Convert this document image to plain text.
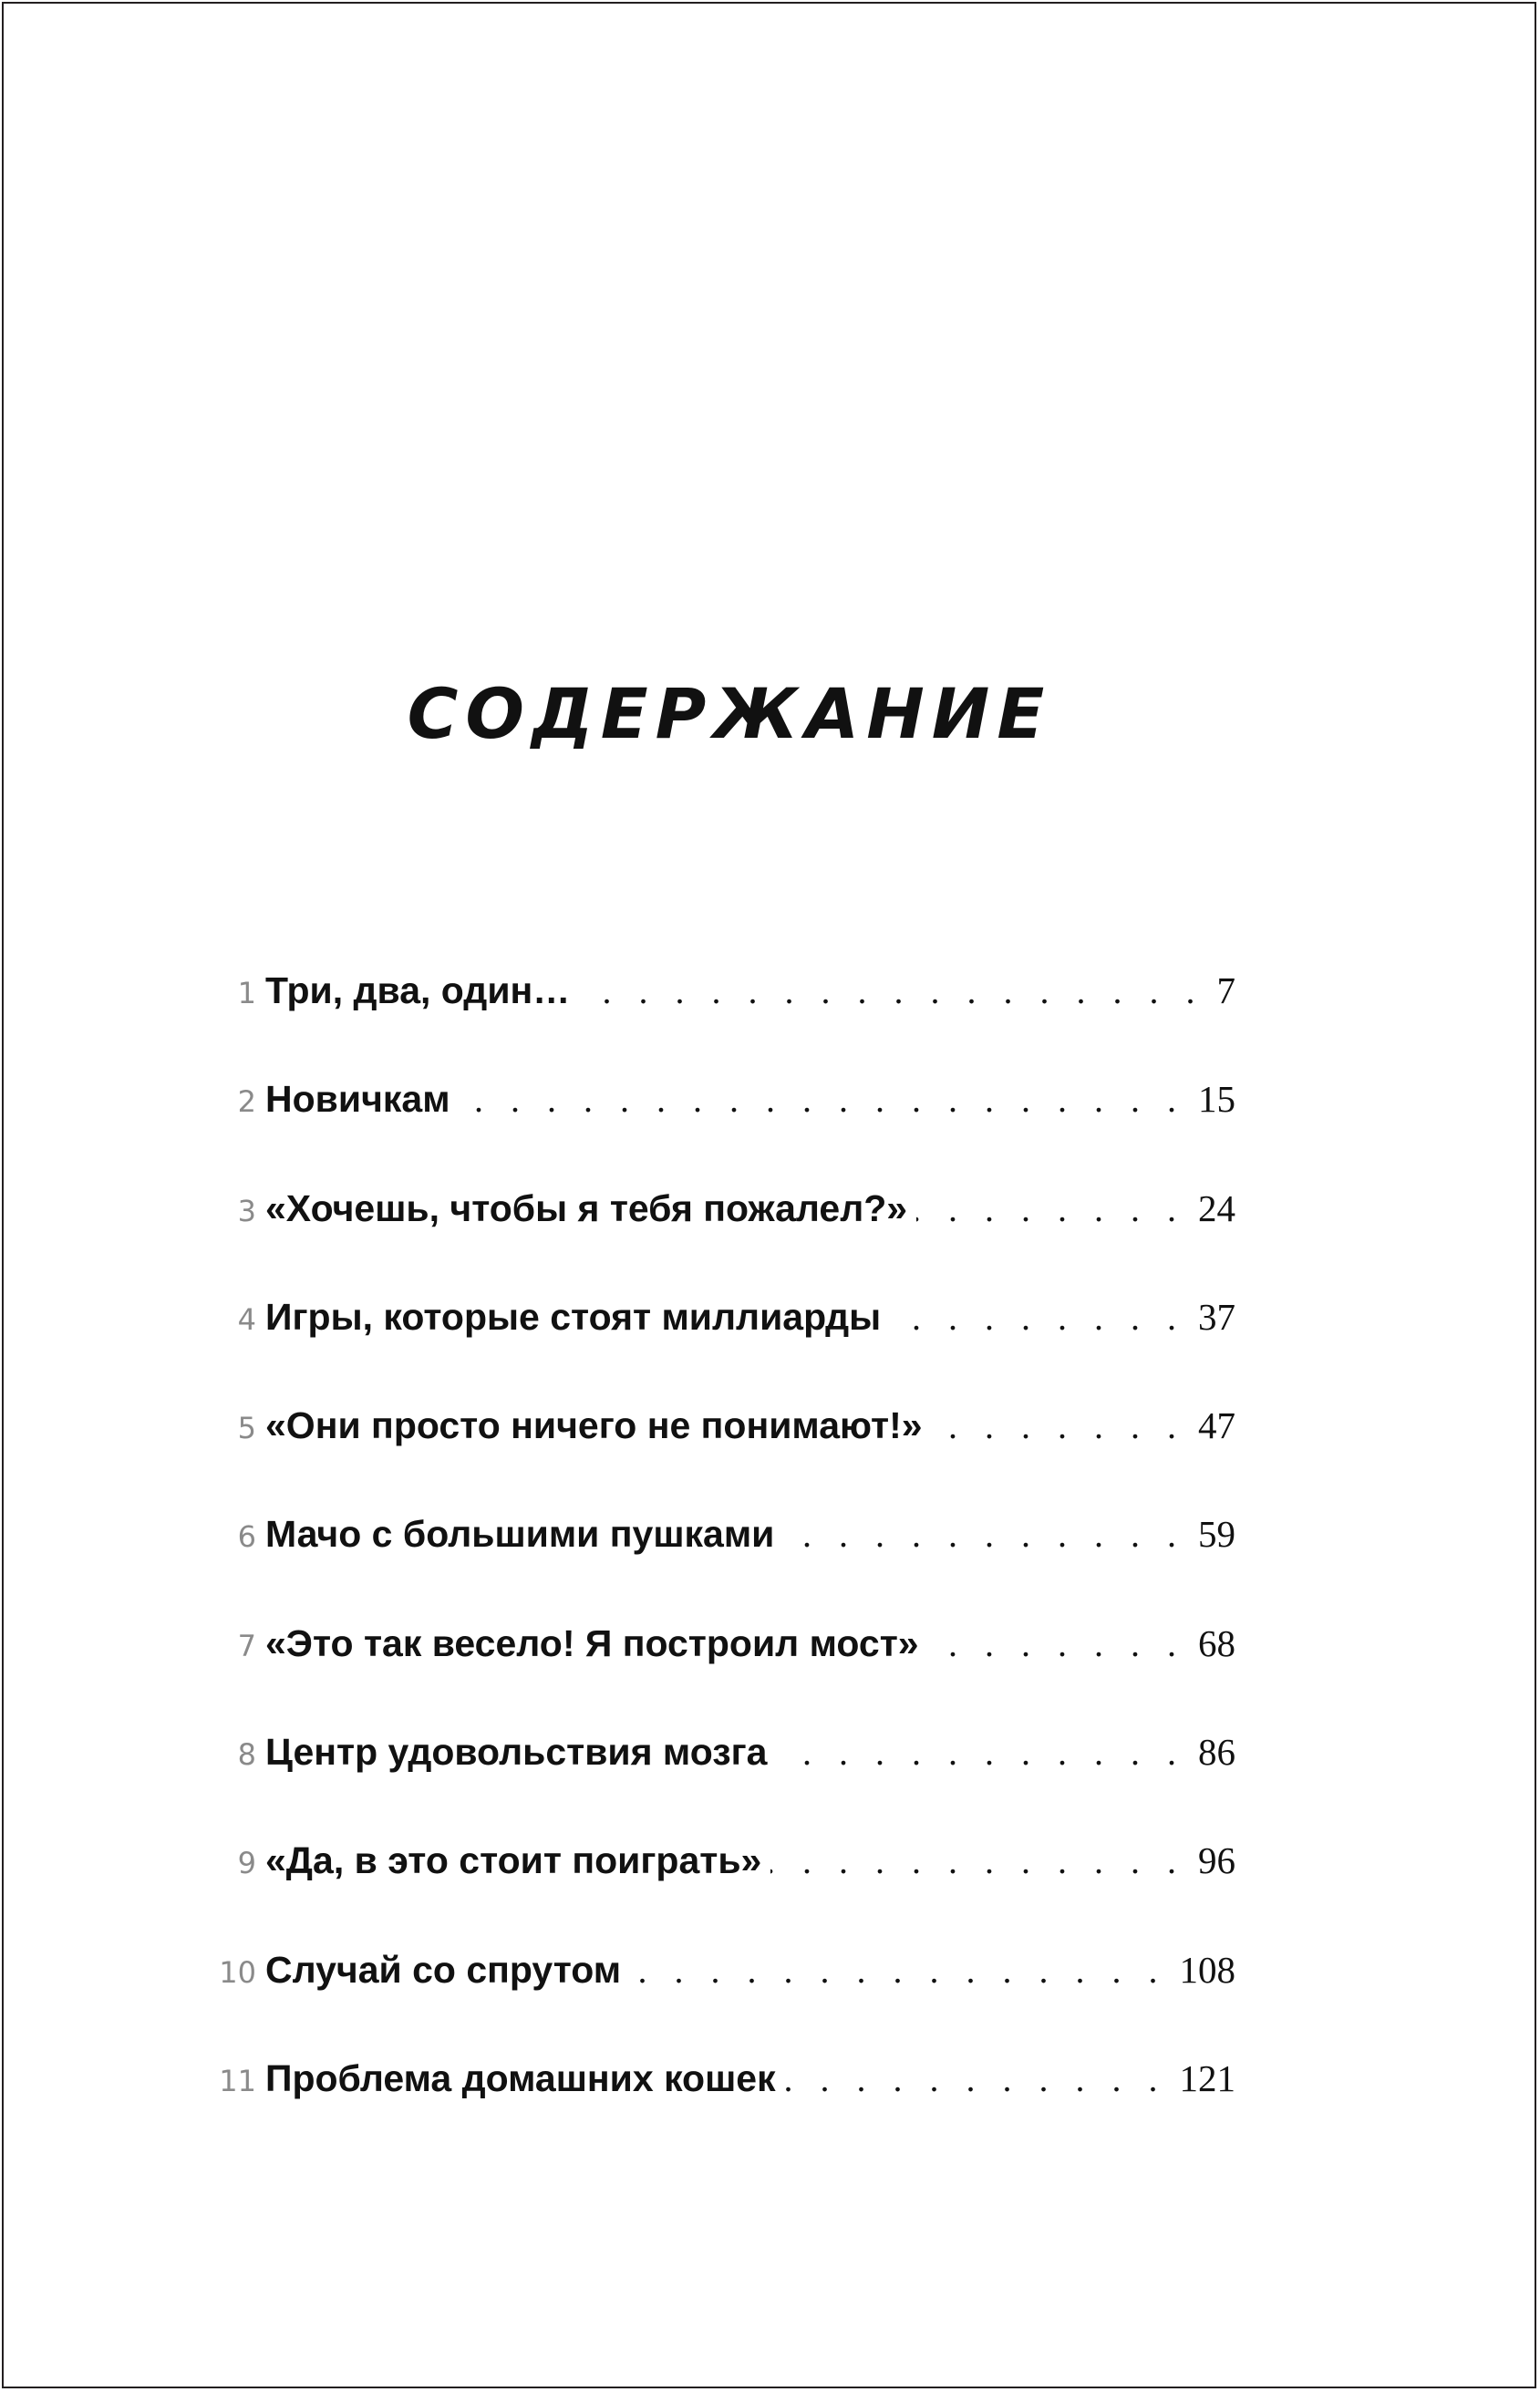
СОДЕРЖАНИЕ
1 Три, два, один… . . .	7
2 Новичкам . . .	15
3 «Хочешь, чтобы я тебя пожалел?» . . .	24
4 Игры, которые стоят миллиарды . . .	37
5 «Они просто ничего не понимают!» . . .	47
6 Мачо с большими пушками . . .	59
7 «Это так весело! Я построил мост» . . .	68
8 Центр удовольствия мозга . . .	86
9 «Да, в это стоит поиграть» . . .	96
10 Случай со спрутом . . .	108
11 Проблема домашних кошек . . .	121
